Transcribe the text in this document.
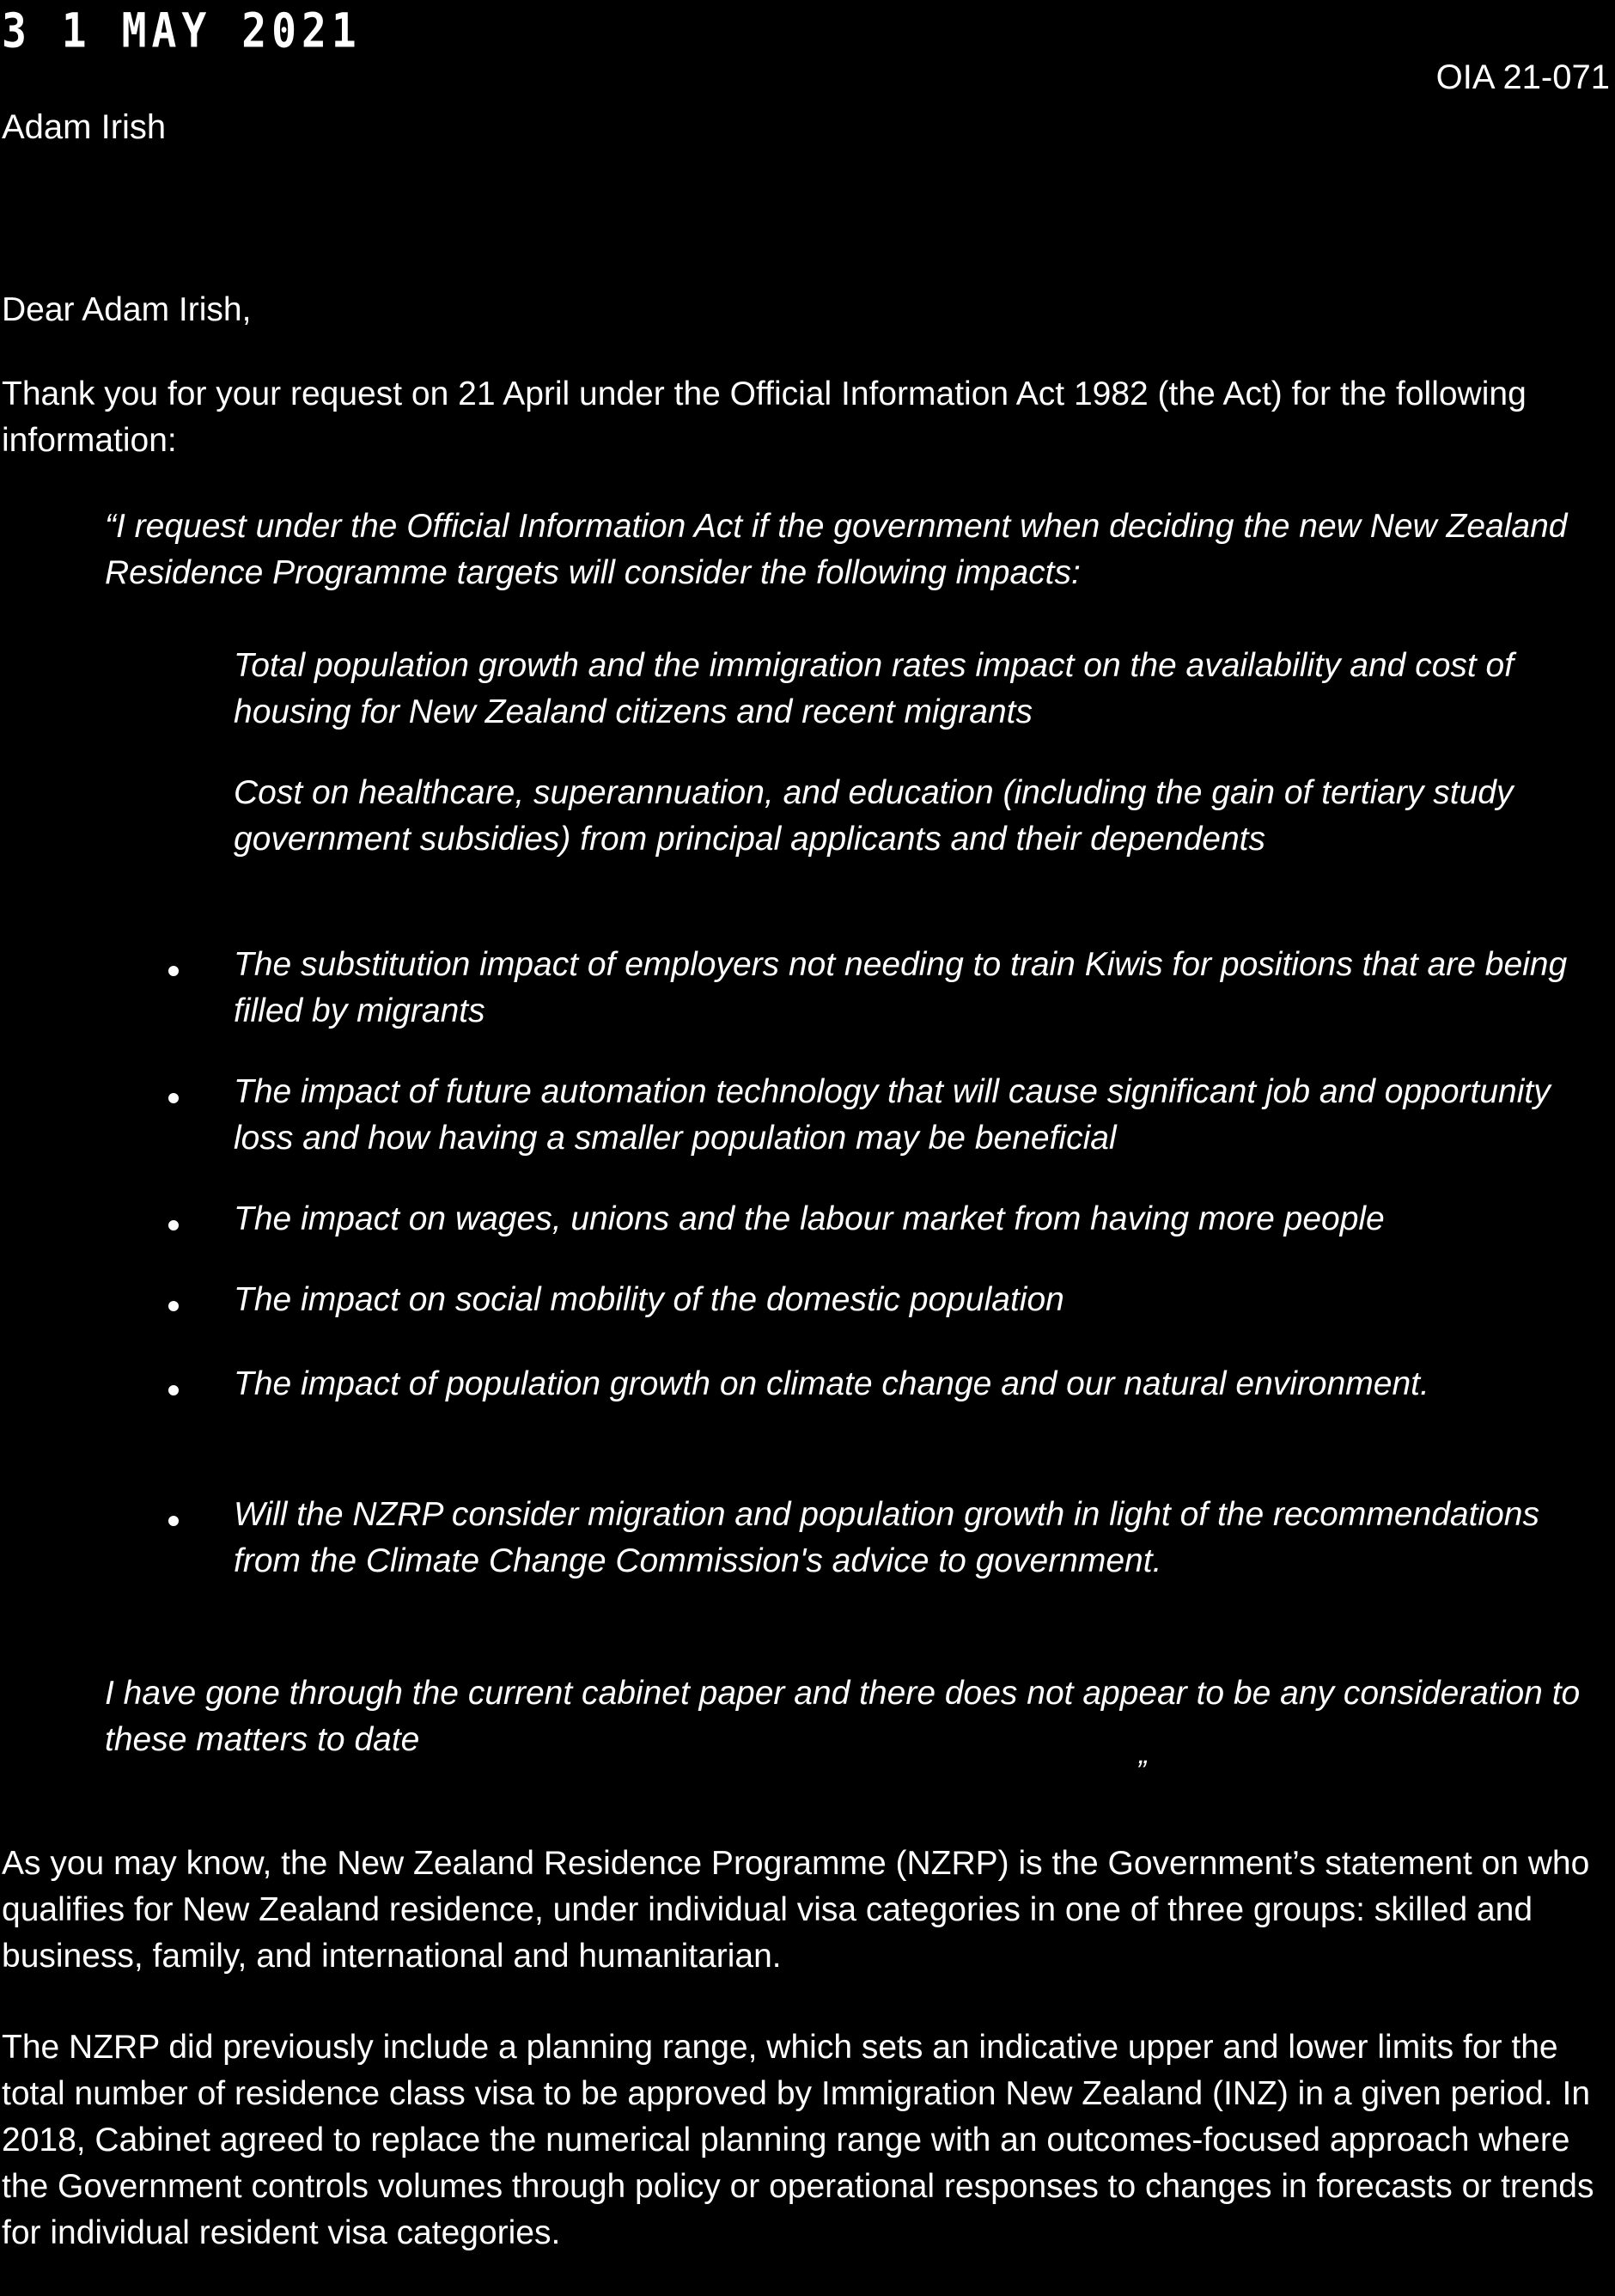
3 1 MAY 2021
OIA 21-071
Adam Irish

Dear Adam Irish,

Thank you for your request on 21 April under the Official Information Act 1982 (the Act) for the following information:

“I request under the Official Information Act if the government when deciding the new New Zealand Residence Programme targets will consider the following impacts:

Total population growth and the immigration rates impact on the availability and cost of housing for New Zealand citizens and recent migrants

Cost on healthcare, superannuation, and education (including the gain of tertiary study government subsidies) from principal applicants and their dependents

The substitution impact of employers not needing to train Kiwis for positions that are being filled by migrants

The impact of future automation technology that will cause significant job and opportunity loss and how having a smaller population may be beneficial

The impact on wages, unions and the labour market from having more people

The impact on social mobility of the domestic population

The impact of population growth on climate change and our natural environment.

Will the NZRP consider migration and population growth in light of the recommendations from the Climate Change Commission's advice to government.

I have gone through the current cabinet paper and there does not appear to be any consideration to these matters to date	„

As you may know, the New Zealand Residence Programme (NZRP) is the Government’s statement on who qualifies for New Zealand residence, under individual visa categories in one of three groups: skilled and business, family, and international and humanitarian.

The NZRP did previously include a planning range, which sets an indicative upper and lower limits for the total number of residence class visa to be approved by Immigration New Zealand (INZ) in a given period. In 2018, Cabinet agreed to replace the numerical planning range with an outcomes-focused approach where the Government controls volumes through policy or operational responses to changes in forecasts or trends for individual resident visa categories.
